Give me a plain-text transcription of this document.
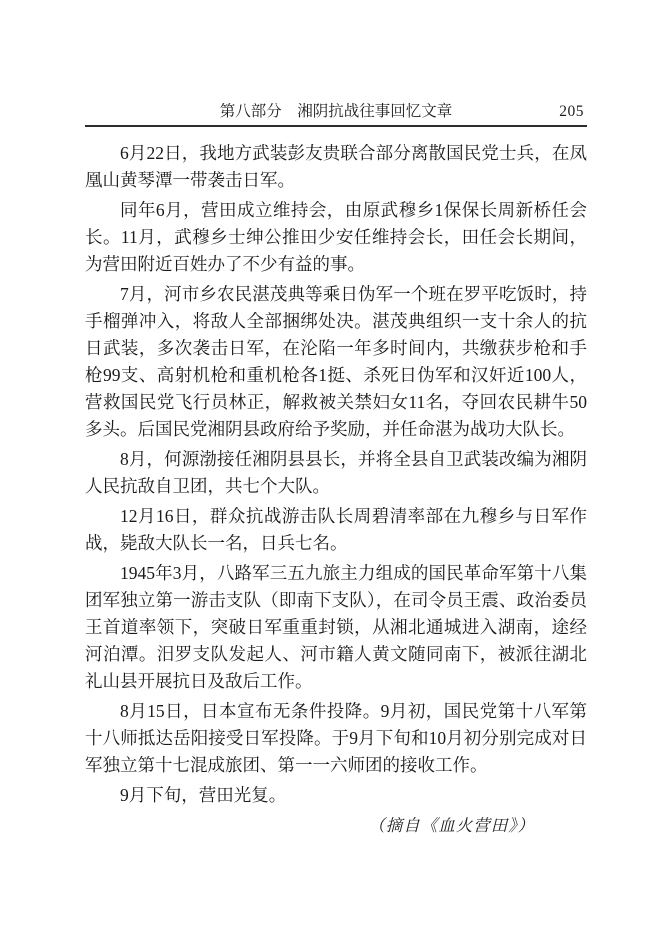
第八部分 湘阴抗战往事回忆文章	205

6月22日，我地方武装彭友贵联合部分离散国民党士兵，在凤凰山黄琴潭一带袭击日军。

同年6月，营田成立维持会，由原武穆乡1保保长周新桥任会长。11月，武穆乡士绅公推田少安任维持会长，田任会长期间，为营田附近百姓办了不少有益的事。

7月，河市乡农民湛茂典等乘日伪军一个班在罗平吃饭时，持手榴弹冲入，将敌人全部捆绑处决。湛茂典组织一支十余人的抗日武装，多次袭击日军，在沦陷一年多时间内，共缴获步枪和手枪99支、高射机枪和重机枪各1挺、杀死日伪军和汉奸近100人，营救国民党飞行员林正，解救被关禁妇女11名，夺回农民耕牛50多头。后国民党湘阴县政府给予奖励，并任命湛为战功大队长。

8月，何源渤接任湘阴县县长，并将全县自卫武装改编为湘阴人民抗敌自卫团，共七个大队。

12月16日，群众抗战游击队长周碧清率部在九穆乡与日军作战，毙敌大队长一名，日兵七名。

1945年3月，八路军三五九旅主力组成的国民革命军第十八集团军独立第一游击支队（即南下支队），在司令员王震、政治委员王首道率领下，突破日军重重封锁，从湘北通城进入湖南，途经河泊潭。汨罗支队发起人、河市籍人黄文随同南下，被派往湖北礼山县开展抗日及敌后工作。

8月15日，日本宣布无条件投降。9月初，国民党第十八军第十八师抵达岳阳接受日军投降。于9月下旬和10月初分别完成对日军独立第十七混成旅团、第一一六师团的接收工作。

9月下旬，营田光复。

（摘自《血火营田》）
